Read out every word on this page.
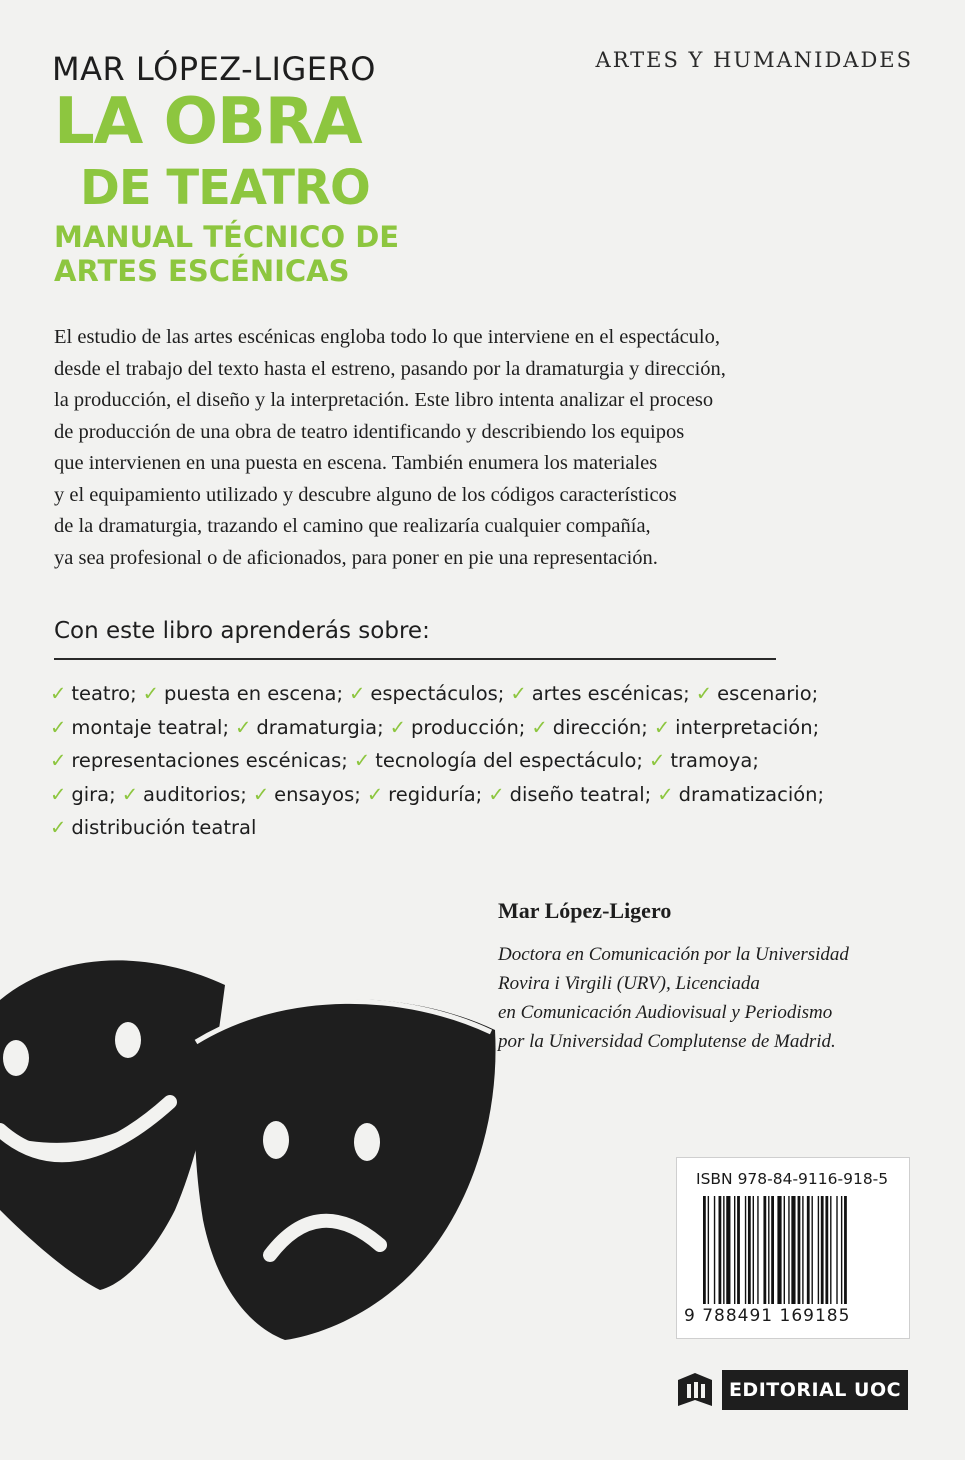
MAR LÓPEZ-LIGERO	ARTES Y HUMANIDADES
LA OBRA
DE TEATRO
MANUAL TÉCNICO DE
ARTES ESCÉNICAS
El estudio de las artes escénicas engloba todo lo que interviene en el espectáculo,
desde el trabajo del texto hasta el estreno, pasando por la dramaturgia y dirección,
la producción, el diseño y la interpretación. Este libro intenta analizar el proceso
de producción de una obra de teatro identificando y describiendo los equipos
que intervienen en una puesta en escena. También enumera los materiales
y el equipamiento utilizado y descubre alguno de los códigos característicos
de la dramaturgia, trazando el camino que realizaría cualquier compañía,
ya sea profesional o de aficionados, para poner en pie una representación.
Con este libro aprenderás sobre:
✓ teatro; ✓ puesta en escena; ✓ espectáculos; ✓ artes escénicas; ✓ escenario;
✓ montaje teatral; ✓ dramaturgia; ✓ producción; ✓ dirección; ✓ interpretación;
✓ representaciones escénicas; ✓ tecnología del espectáculo; ✓ tramoya;
✓ gira; ✓ auditorios; ✓ ensayos; ✓ regiduría; ✓ diseño teatral; ✓ dramatización;
✓ distribución teatral
Mar López-Ligero
Doctora en Comunicación por la Universidad
Rovira i Virgili (URV), Licenciada
en Comunicación Audiovisual y Periodismo
por la Universidad Complutense de Madrid.
ISBN 978-84-9116-918-5
9 788491 169185
EDITORIAL UOC
